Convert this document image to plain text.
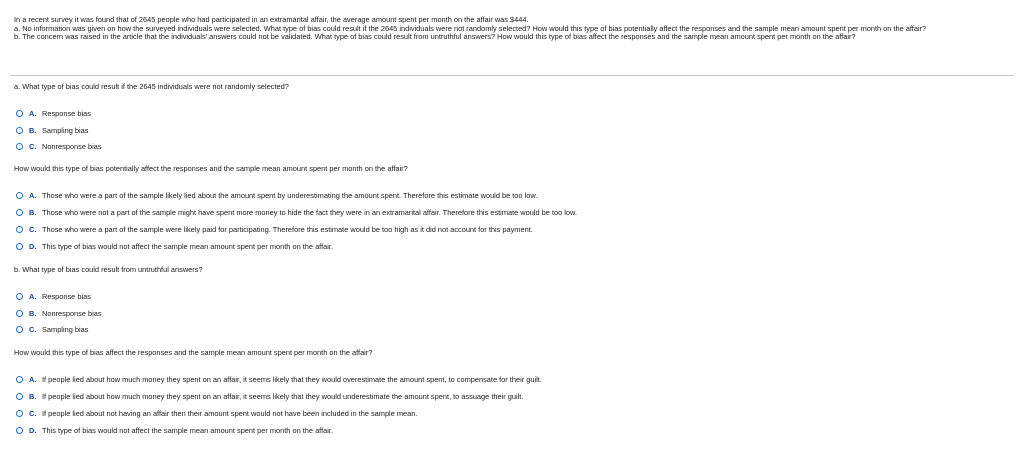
In a recent survey it was found that of 2645 people who had participated in an extramarital affair, the average amount spent per month on the affair was $444.

a. No information was given on how the surveyed individuals were selected. What type of bias could result if the 2645 individuals were not randomly selected? How would this type of bias potentially affect the responses and the sample mean amount spent per month on the affair?

b. The concern was raised in the article that the individuals' answers could not be validated. What type of bias could result from untruthful answers? How would this type of bias affect the responses and the sample mean amount spent per month on the affair?

a. What type of bias could result if the 2645 individuals were not randomly selected?

A. Response bias
B. Sampling bias
C. Nonresponse bias

How would this type of bias potentially affect the responses and the sample mean amount spent per month on the affair?

A. Those who were a part of the sample likely lied about the amount spent by underestimating the amount spent. Therefore this estimate would be too low.
B. Those who were not a part of the sample might have spent more money to hide the fact they were in an extramarital affair. Therefore this estimate would be too low.
C. Those who were a part of the sample were likely paid for participating. Therefore this estimate would be too high as it did not account for this payment.
D. This type of bias would not affect the sample mean amount spent per month on the affair.

b. What type of bias could result from untruthful answers?

A. Response bias
B. Nonresponse bias
C. Sampling bias

How would this type of bias affect the responses and the sample mean amount spent per month on the affair?

A. If people lied about how much money they spent on an affair, it seems likely that they would overestimate the amount spent, to compensate for their guilt.
B. If people lied about how much money they spent on an affair, it seems likely that they would underestimate the amount spent, to assuage their guilt.
C. If people lied about not having an affair then their amount spent would not have been included in the sample mean.
D. This type of bias would not affect the sample mean amount spent per month on the affair.
